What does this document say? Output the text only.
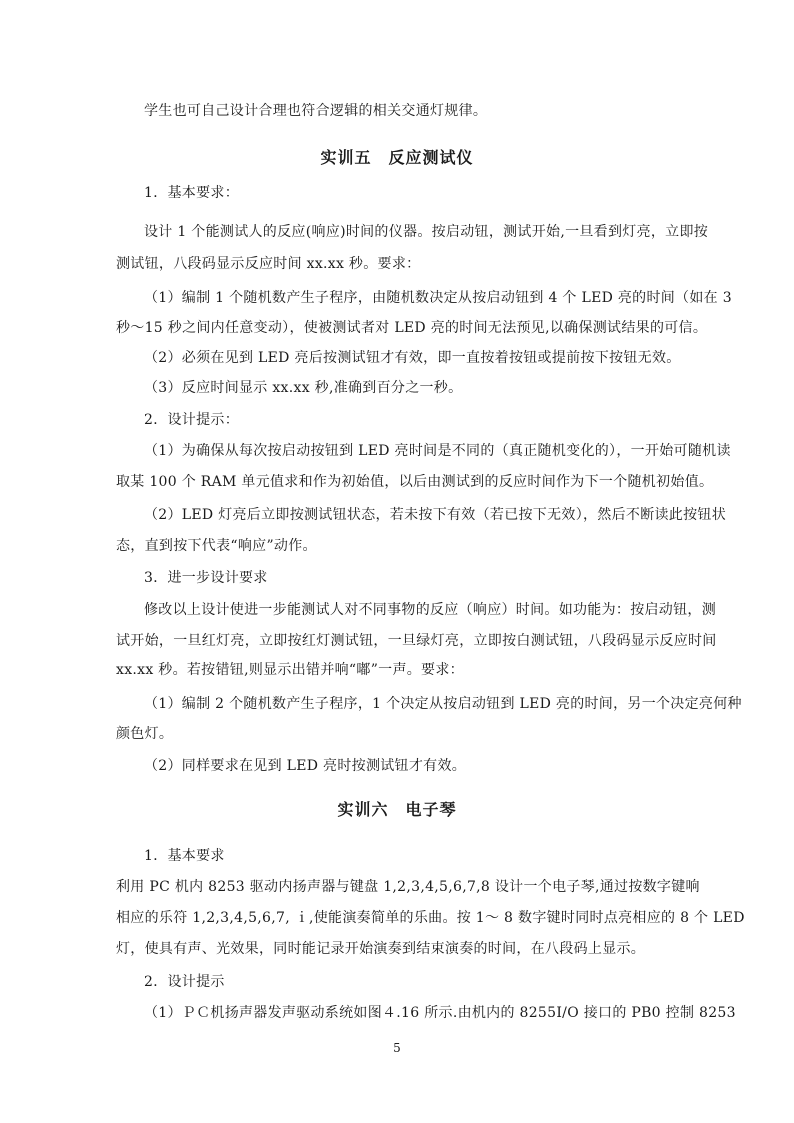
学生也可自己设计合理也符合逻辑的相关交通灯规律。
实训五　反应测试仪
1．基本要求：
设计 1 个能测试人的反应(响应)时间的仪器。按启动钮，测试开始,一旦看到灯亮，立即按
测试钮，八段码显示反应时间 xx.xx 秒。要求：
（1）编制 1 个随机数产生子程序，由随机数决定从按启动钮到 4 个 LED 亮的时间（如在 3
秒～15 秒之间内任意变动），使被测试者对 LED 亮的时间无法预见,以确保测试结果的可信。
（2）必须在见到 LED 亮后按测试钮才有效，即一直按着按钮或提前按下按钮无效。
（3）反应时间显示 xx.xx 秒,准确到百分之一秒。
2．设计提示：
（1）为确保从每次按启动按钮到 LED 亮时间是不同的（真正随机变化的），一开始可随机读
取某 100 个 RAM 单元值求和作为初始值，以后由测试到的反应时间作为下一个随机初始值。
（2）LED 灯亮后立即按测试钮状态，若未按下有效（若已按下无效），然后不断读此按钮状
态，直到按下代表“响应”动作。
3．进一步设计要求
修改以上设计使进一步能测试人对不同事物的反应（响应）时间。如功能为：按启动钮，测
试开始，一旦红灯亮，立即按红灯测试钮，一旦绿灯亮，立即按白测试钮，八段码显示反应时间
xx.xx 秒。若按错钮,则显示出错并响“嘟”一声。要求：
（1）编制 2 个随机数产生子程序，1 个决定从按启动钮到 LED 亮的时间，另一个决定亮何种
颜色灯。
（2）同样要求在见到 LED 亮时按测试钮才有效。
实训六　电子琴
1．基本要求
利用 PC 机内 8253 驱动内扬声器与键盘 1,2,3,4,5,6,7,8 设计一个电子琴,通过按数字键响
相应的乐符 1,2,3,4,5,6,7, ｉ,使能演奏简单的乐曲。按 1～ 8 数字键时同时点亮相应的 8 个 LED
灯，使具有声、光效果，同时能记录开始演奏到结束演奏的时间，在八段码上显示。
2．设计提示
（1）ＰＣ机扬声器发声驱动系统如图４.16 所示.由机内的 8255I/O 接口的 PB0 控制 8253
5
